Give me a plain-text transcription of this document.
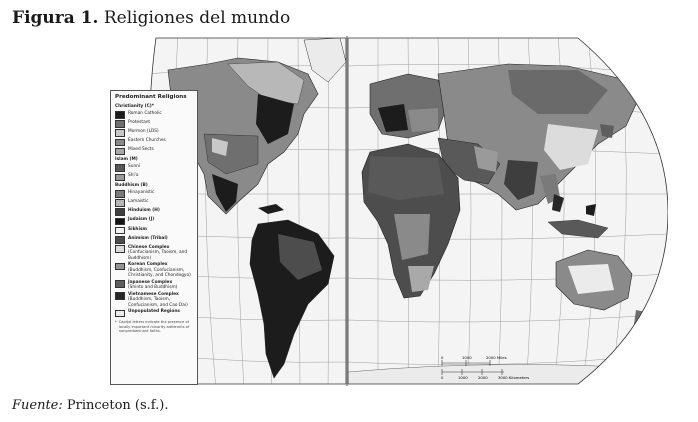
Figura 1. Religiones del mundo
Predominant Religions
Christianity (C)*
Roman Catholic
Protestant
Mormon (LDS)
Eastern Churches
Mixed Sects
Islam (M)
Sunni
Shi'a
Buddhism (B)
Hinayanistic
Lamaistic
Hinduism (H)
Judaism (J)
Sikhism
Animism (Tribal)
Chinese Complex
(Confucianism, Taoism, and Buddhism)
Korean Complex
(Buddhism, Confucianism, Christianity, and Chondogyo)
Japanese Complex
(Shinto and Buddhism)
Vietnamese Complex
(Buddhism, Taoism, Confucianism, and Cao Dai)
Unpopulated Regions
* Capital letters indicate the presence of locally important minority adherents of nonpredominant faiths.
0	1000	2000 Miles
0	1000	2000	3000 Kilometers
Fuente: Princeton (s.f.).
